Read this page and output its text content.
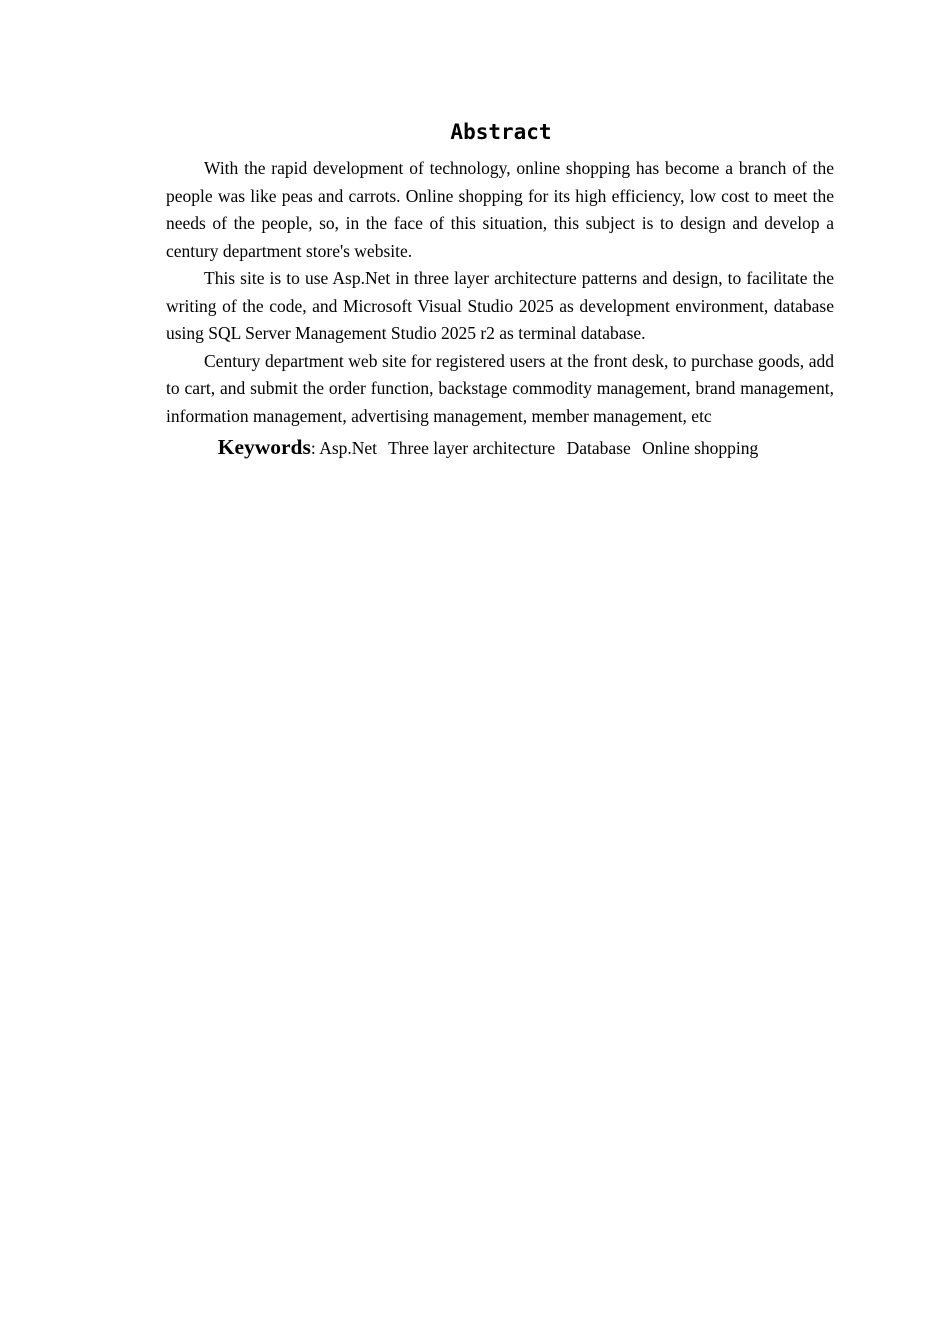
Abstract

With the rapid development of technology, online shopping has become a branch of the people was like peas and carrots. Online shopping for its high efficiency, low cost to meet the needs of the people, so, in the face of this situation, this subject is to design and develop a century department store's website.

This site is to use Asp.Net in three layer architecture patterns and design, to facilitate the writing of the code, and Microsoft Visual Studio 2025 as development environment, database using SQL Server Management Studio 2025 r2 as terminal database.

Century department web site for registered users at the front desk, to purchase goods, add to cart, and submit the order function, backstage commodity management, brand management, information management, advertising management, member management, etc

Keywords: Asp.Net Three layer architecture Database Online shopping
